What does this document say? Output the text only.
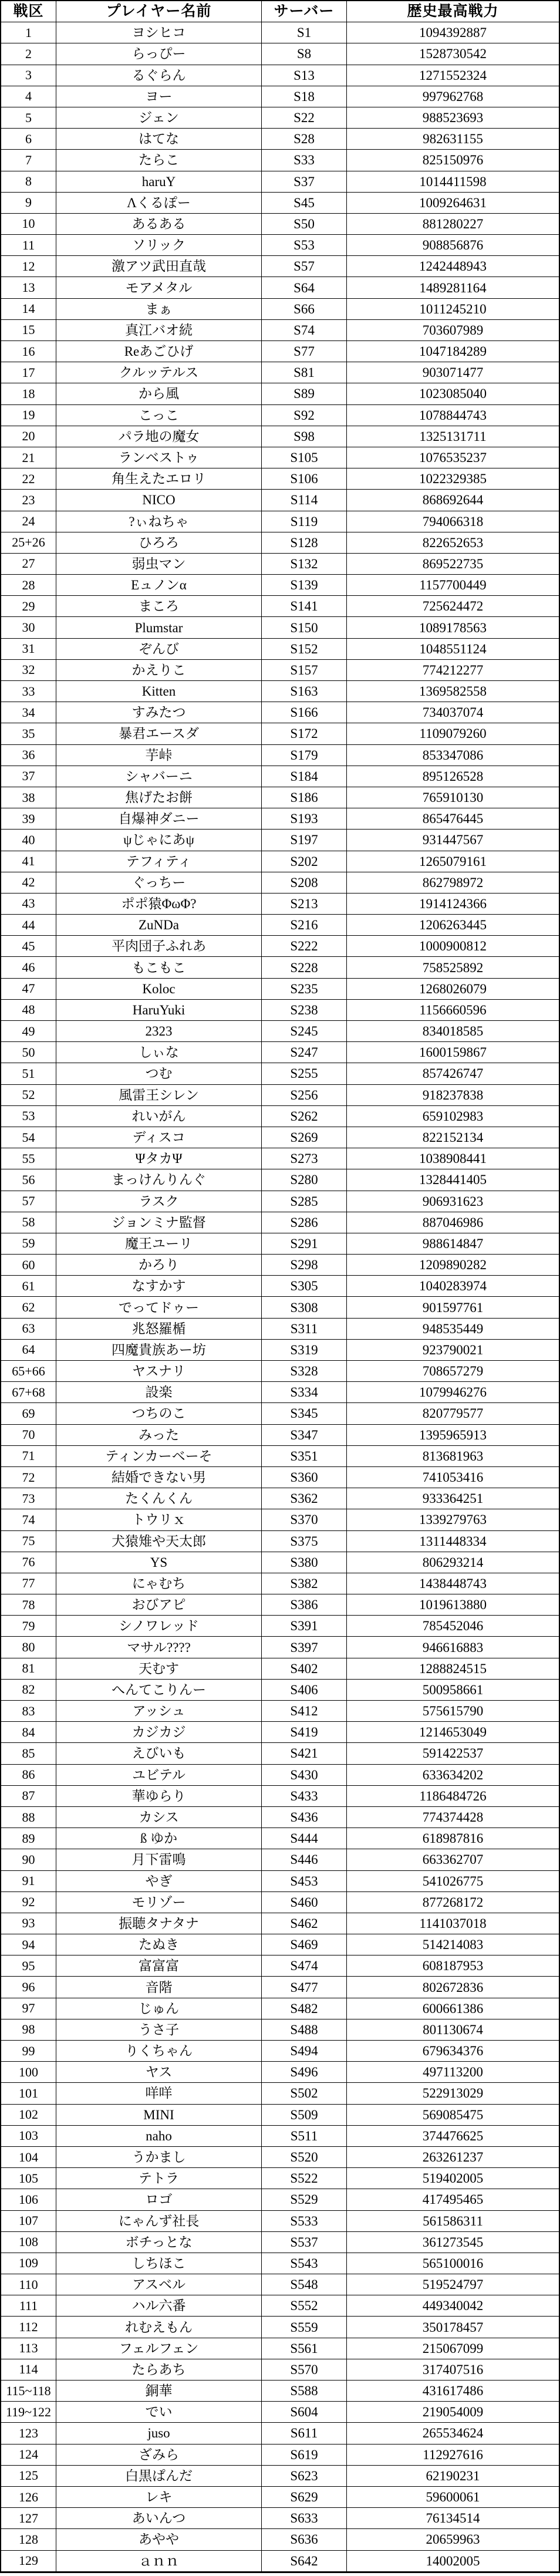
戦区	プレイヤー名前	サーバー	歴史最高戦力
1	ヨシヒコ	S1	1094392887
2	らっぴー	S8	1528730542
3	るぐらん	S13	1271552324
4	ヨー	S18	997962768
5	ジェン	S22	988523693
6	はてな	S28	982631155
7	たらこ	S33	825150976
8	haruY	S37	1014411598
9	Λくるぽー	S45	1009264631
10	あるある	S50	881280227
11	ソリック	S53	908856876
12	激アツ武田直哉	S57	1242448943
13	モアメタル	S64	1489281164
14	まぁ	S66	1011245210
15	真江バオ続	S74	703607989
16	Reあごひげ	S77	1047184289
17	クルッテルス	S81	903071477
18	から風	S89	1023085040
19	こっこ	S92	1078844743
20	パラ地の魔女	S98	1325131711
21	ランベストゥ	S105	1076535237
22	角生えたエロリ	S106	1022329385
23	NICO	S114	868692644
24	?ぃねちゃ	S119	794066318
25+26	ひろろ	S128	822652653
27	弱虫マン	S132	869522735
28	Eュノンα	S139	1157700449
29	まころ	S141	725624472
30	Plumstar	S150	1089178563
31	ぞんび	S152	1048551124
32	かえりこ	S157	774212277
33	Kitten	S163	1369582558
34	すみたつ	S166	734037074
35	暴君エースダ	S172	1109079260
36	芋峠	S179	853347086
37	シャバーニ	S184	895126528
38	焦げたお餅	S186	765910130
39	自爆神ダニー	S193	865476445
40	ψじゃにあψ	S197	931447567
41	テフィティ	S202	1265079161
42	ぐっちー	S208	862798972
43	ポポ猿ΦωΦ?	S213	1914124366
44	ZuNDa	S216	1206263445
45	平肉団子ふれあ	S222	1000900812
46	もこもこ	S228	758525892
47	Koloc	S235	1268026079
48	HaruYuki	S238	1156660596
49	2323	S245	834018585
50	しぃな	S247	1600159867
51	つむ	S255	857426747
52	風雷王シレン	S256	918237838
53	れいがん	S262	659102983
54	ディスコ	S269	822152134
55	ΨタカΨ	S273	1038908441
56	まっけんりんぐ	S280	1328441405
57	ラスク	S285	906931623
58	ジョンミナ監督	S286	887046986
59	魔王ユーリ	S291	988614847
60	かろり	S298	1209890282
61	なすかす	S305	1040283974
62	でってドゥー	S308	901597761
63	兆怒羅楯	S311	948535449
64	四魔貴族あー坊	S319	923790021
65+66	ヤスナリ	S328	708657279
67+68	設楽	S334	1079946276
69	つちのこ	S345	820779577
70	みった	S347	1395965913
71	ティンカーベーそ	S351	813681963
72	結婚できない男	S360	741053416
73	たくんくん	S362	933364251
74	トウリｘ	S370	1339279763
75	犬猿雉や天太郎	S375	1311448334
76	YS	S380	806293214
77	にゃむち	S382	1438448743
78	おびアピ	S386	1019613880
79	シノワレッド	S391	785452046
80	マサル????	S397	946616883
81	天むす	S402	1288824515
82	へんてこりんー	S406	500958661
83	アッシュ	S412	575615790
84	カジカジ	S419	1214653049
85	えびいも	S421	591422537
86	ユビテル	S430	633634202
87	華ゆらり	S433	1186484726
88	カシス	S436	774374428
89	ß ゆか	S444	618987816
90	月下雷鳴	S446	663362707
91	やぎ	S453	541026775
92	モリゾー	S460	877268172
93	振聴タナタナ	S462	1141037018
94	たぬき	S469	514214083
95	富富富	S474	608187953
96	音階	S477	802672836
97	じゅん	S482	600661386
98	うさ子	S488	801130674
99	りくちゃん	S494	679634376
100	ヤス	S496	497113200
101	咩咩	S502	522913029
102	MINI	S509	569085475
103	naho	S511	374476625
104	うかまし	S520	263261237
105	テトラ	S522	519402005
106	ロゴ	S529	417495465
107	にゃんず社長	S533	561586311
108	ボチっとな	S537	361273545
109	しちほこ	S543	565100016
110	アスベル	S548	519524797
111	ハル六番	S552	449340042
112	れむえもん	S559	350178457
113	フェルフェン	S561	215067099
114	たらあち	S570	317407516
115~118	銅華	S588	431617486
119~122	でい	S604	219054009
123	juso	S611	265534624
124	ざみら	S619	112927616
125	白黒ぱんだ	S623	62190231
126	レキ	S629	59600061
127	あいんつ	S633	76134514
128	あやや	S636	20659963
129	ａｎｎ	S642	14002005
